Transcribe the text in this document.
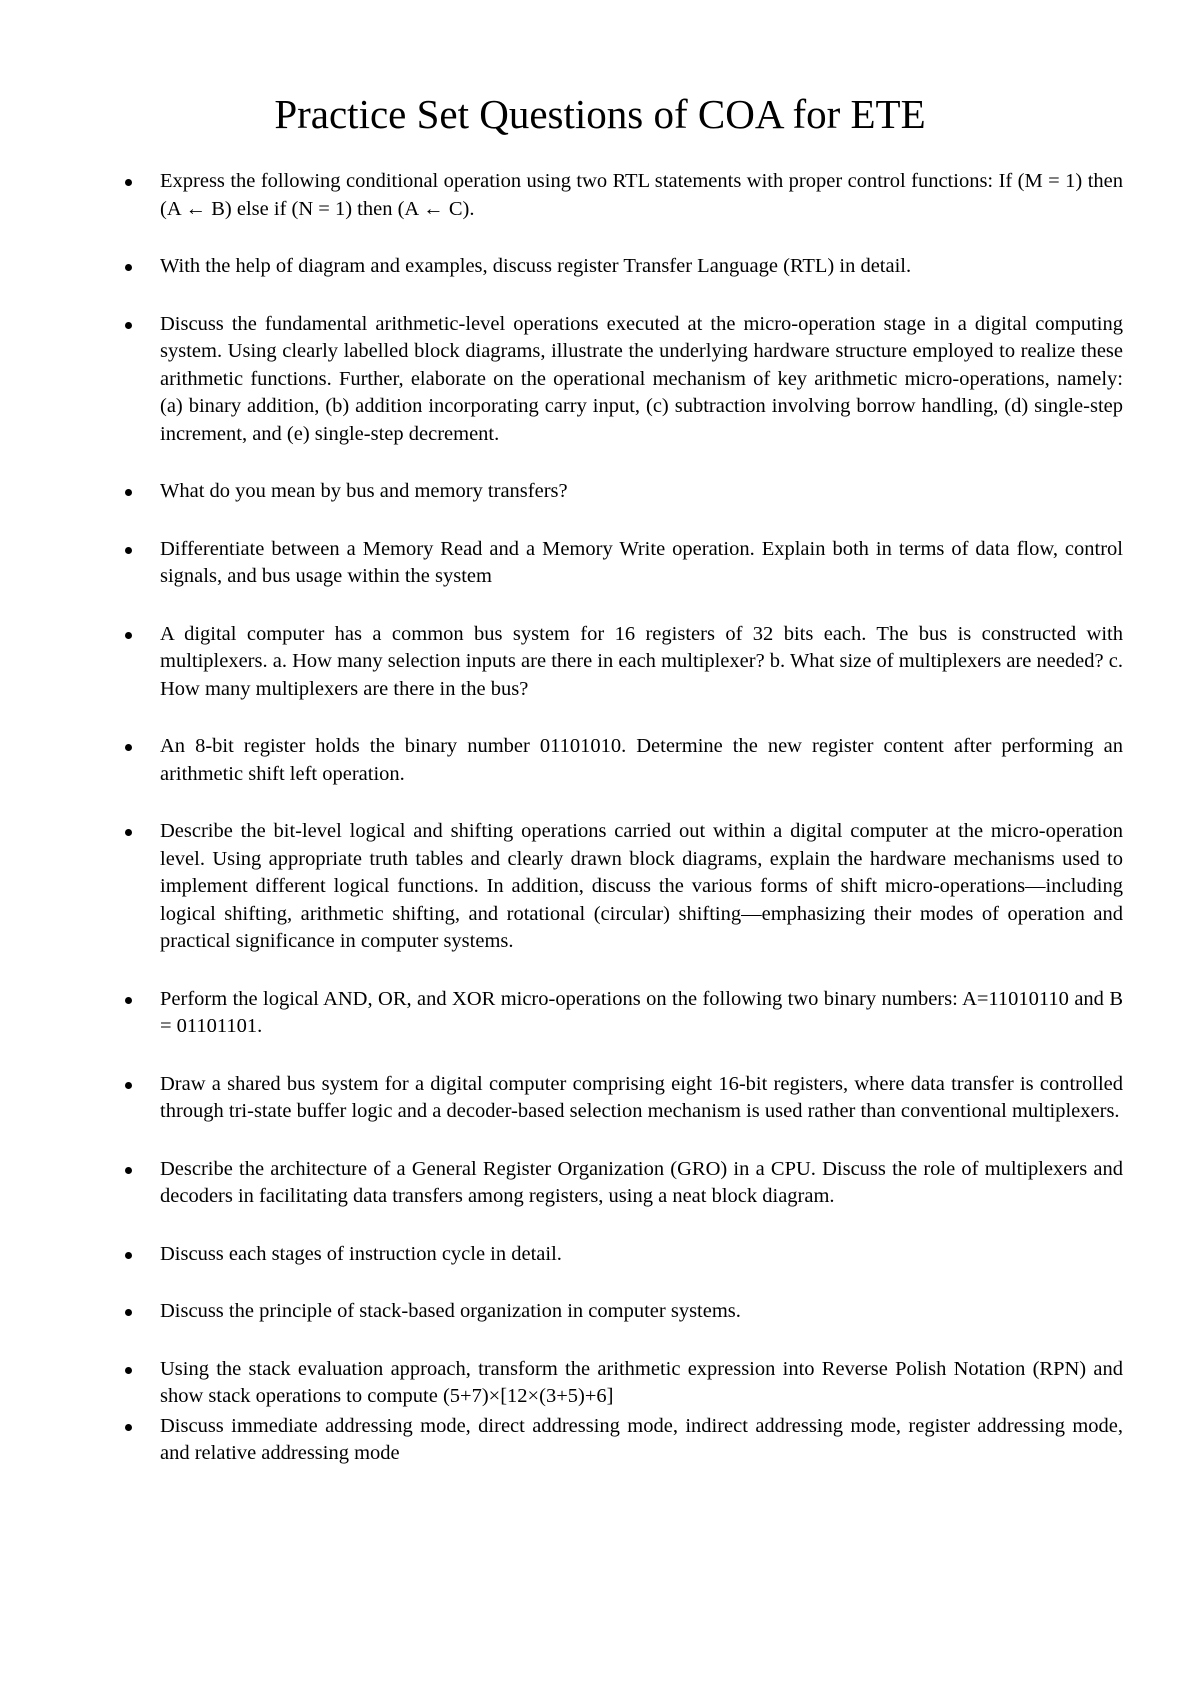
Practice Set Questions of COA for ETE
Express the following conditional operation using two RTL statements with proper control functions: If (M = 1) then (A ← B) else if (N = 1) then (A ← C).
With the help of diagram and examples, discuss register Transfer Language (RTL) in detail.
Discuss the fundamental arithmetic-level operations executed at the micro-operation stage in a digital computing system. Using clearly labelled block diagrams, illustrate the underlying hardware structure employed to realize these arithmetic functions. Further, elaborate on the operational mechanism of key arithmetic micro-operations, namely: (a) binary addition, (b) addition incorporating carry input, (c) subtraction involving borrow handling, (d) single-step increment, and (e) single-step decrement.
What do you mean by bus and memory transfers?
Differentiate between a Memory Read and a Memory Write operation. Explain both in terms of data flow, control signals, and bus usage within the system
A digital computer has a common bus system for 16 registers of 32 bits each. The bus is constructed with multiplexers. a. How many selection inputs are there in each multiplexer? b. What size of multiplexers are needed? c. How many multiplexers are there in the bus?
An 8-bit register holds the binary number 01101010. Determine the new register content after performing an arithmetic shift left operation.
Describe the bit-level logical and shifting operations carried out within a digital computer at the micro-operation level. Using appropriate truth tables and clearly drawn block diagrams, explain the hardware mechanisms used to implement different logical functions. In addition, discuss the various forms of shift micro-operations—including logical shifting, arithmetic shifting, and rotational (circular) shifting—emphasizing their modes of operation and practical significance in computer systems.
Perform the logical AND, OR, and XOR micro-operations on the following two binary numbers: A=11010110 and B = 01101101.
Draw a shared bus system for a digital computer comprising eight 16-bit registers, where data transfer is controlled through tri-state buffer logic and a decoder-based selection mechanism is used rather than conventional multiplexers.
Describe the architecture of a General Register Organization (GRO) in a CPU. Discuss the role of multiplexers and decoders in facilitating data transfers among registers, using a neat block diagram.
Discuss each stages of instruction cycle in detail.
Discuss the principle of stack-based organization in computer systems.
Using the stack evaluation approach, transform the arithmetic expression into Reverse Polish Notation (RPN) and show stack operations to compute (5+7)×[12×(3+5)+6]
Discuss immediate addressing mode, direct addressing mode, indirect addressing mode, register addressing mode, and relative addressing mode
